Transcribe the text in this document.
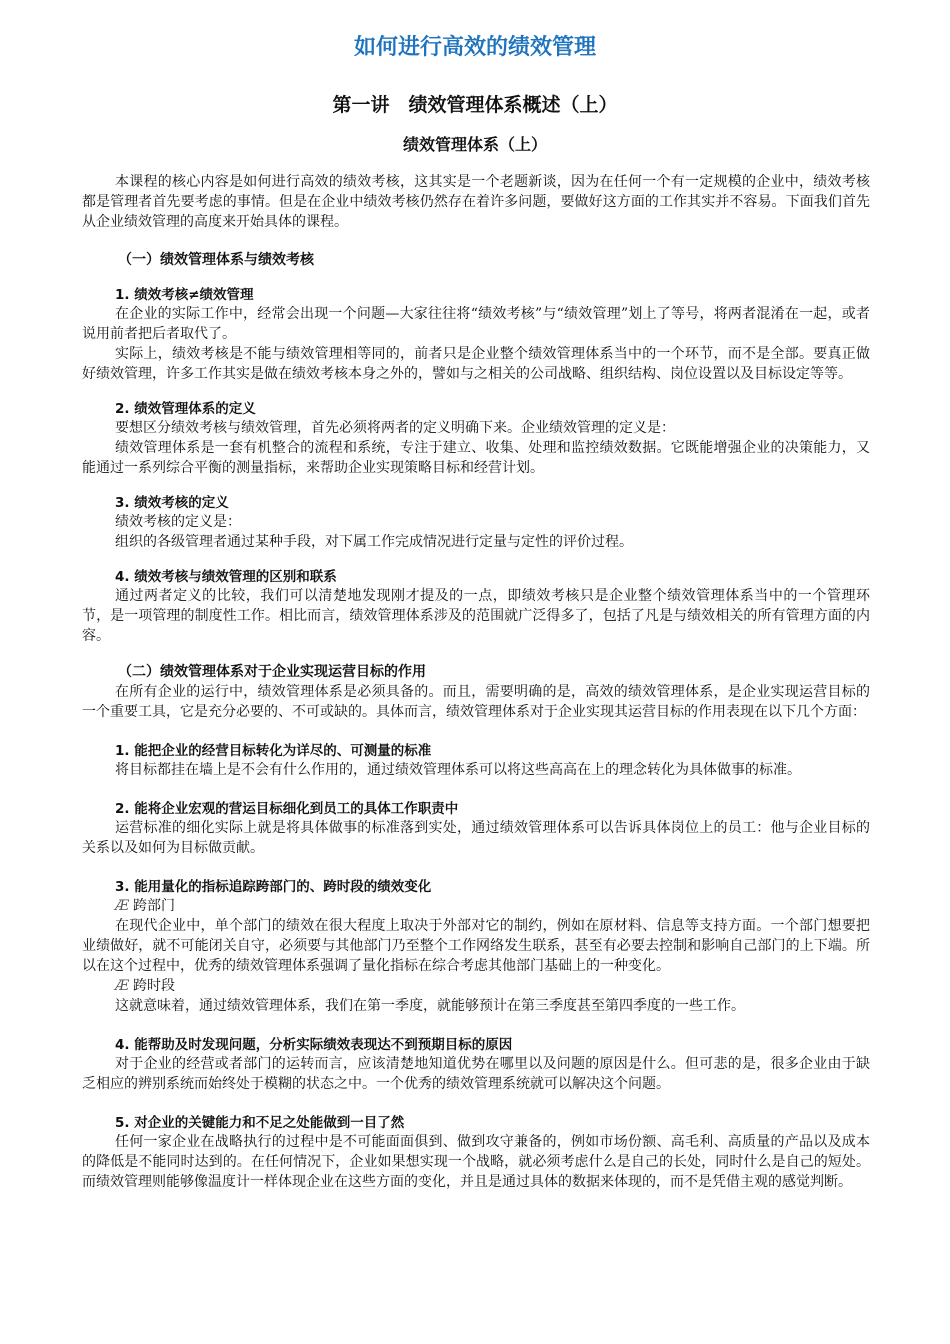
如何进行高效的绩效管理
第一讲　绩效管理体系概述（上）
绩效管理体系（上）

本课程的核心内容是如何进行高效的绩效考核，这其实是一个老题新谈，因为在任何一个有一定规模的企业中，绩效考核都是管理者首先要考虑的事情。但是在企业中绩效考核仍然存在着许多问题，要做好这方面的工作其实并不容易。下面我们首先从企业绩效管理的高度来开始具体的课程。

（一）绩效管理体系与绩效考核
1. 绩效考核≠绩效管理

在企业的实际工作中，经常会出现一个问题—大家往往将“绩效考核”与“绩效管理”划上了等号，将两者混淆在一起，或者说用前者把后者取代了。

实际上，绩效考核是不能与绩效管理相等同的，前者只是企业整个绩效管理体系当中的一个环节，而不是全部。要真正做好绩效管理，许多工作其实是做在绩效考核本身之外的，譬如与之相关的公司战略、组织结构、岗位设置以及目标设定等等。

2. 绩效管理体系的定义

要想区分绩效考核与绩效管理，首先必须将两者的定义明确下来。企业绩效管理的定义是：

绩效管理体系是一套有机整合的流程和系统，专注于建立、收集、处理和监控绩效数据。它既能增强企业的决策能力，又能通过一系列综合平衡的测量指标，来帮助企业实现策略目标和经营计划。

3. 绩效考核的定义

绩效考核的定义是：

组织的各级管理者通过某种手段，对下属工作完成情况进行定量与定性的评价过程。

4. 绩效考核与绩效管理的区别和联系

通过两者定义的比较，我们可以清楚地发现刚才提及的一点，即绩效考核只是企业整个绩效管理体系当中的一个管理环节，是一项管理的制度性工作。相比而言，绩效管理体系涉及的范围就广泛得多了，包括了凡是与绩效相关的所有管理方面的内容。

（二）绩效管理体系对于企业实现运营目标的作用

在所有企业的运行中，绩效管理体系是必须具备的。而且，需要明确的是，高效的绩效管理体系，是企业实现运营目标的一个重要工具，它是充分必要的、不可或缺的。具体而言，绩效管理体系对于企业实现其运营目标的作用表现在以下几个方面：

1. 能把企业的经营目标转化为详尽的、可测量的标准

将目标都挂在墙上是不会有什么作用的，通过绩效管理体系可以将这些高高在上的理念转化为具体做事的标准。

2. 能将企业宏观的营运目标细化到员工的具体工作职责中

运营标准的细化实际上就是将具体做事的标准落到实处，通过绩效管理体系可以告诉具体岗位上的员工：他与企业目标的关系以及如何为目标做贡献。

3. 能用量化的指标追踪跨部门的、跨时段的绩效变化
Æ 跨部门

在现代企业中，单个部门的绩效在很大程度上取决于外部对它的制约，例如在原材料、信息等支持方面。一个部门想要把业绩做好，就不可能闭关自守，必须要与其他部门乃至整个工作网络发生联系，甚至有必要去控制和影响自己部门的上下端。所以在这个过程中，优秀的绩效管理体系强调了量化指标在综合考虑其他部门基础上的一种变化。

Æ 跨时段

这就意味着，通过绩效管理体系，我们在第一季度，就能够预计在第三季度甚至第四季度的一些工作。

4. 能帮助及时发现问题，分析实际绩效表现达不到预期目标的原因

对于企业的经营或者部门的运转而言，应该清楚地知道优势在哪里以及问题的原因是什么。但可悲的是，很多企业由于缺乏相应的辨别系统而始终处于模糊的状态之中。一个优秀的绩效管理系统就可以解决这个问题。

5. 对企业的关键能力和不足之处能做到一目了然

任何一家企业在战略执行的过程中是不可能面面俱到、做到攻守兼备的，例如市场份额、高毛利、高质量的产品以及成本的降低是不能同时达到的。在任何情况下，企业如果想实现一个战略，就必须考虑什么是自己的长处，同时什么是自己的短处。而绩效管理则能够像温度计一样体现企业在这些方面的变化，并且是通过具体的数据来体现的，而不是凭借主观的感觉判断。
